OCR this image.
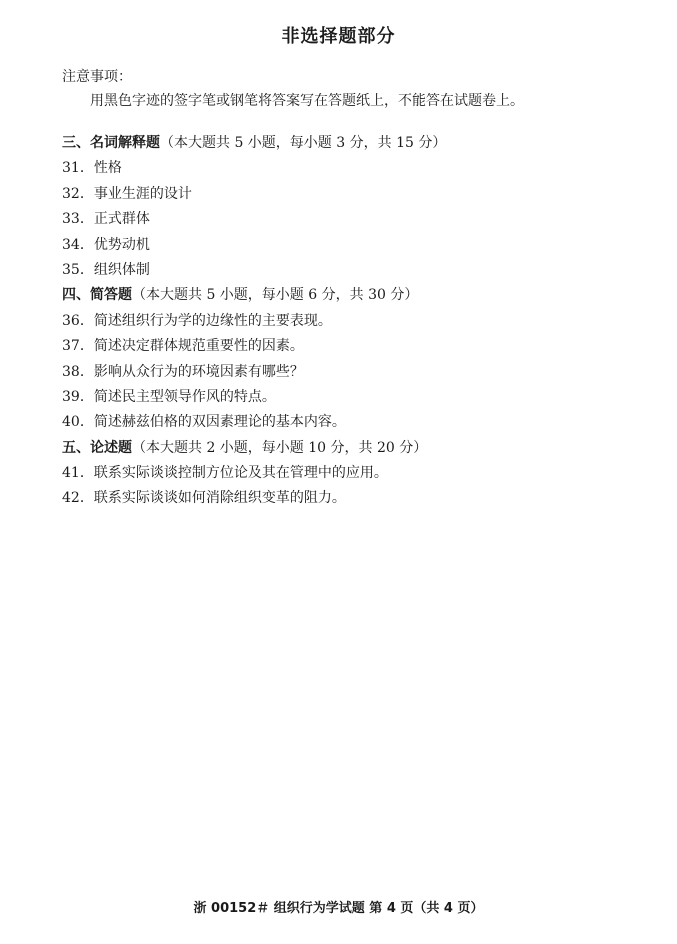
非选择题部分
注意事项：
用黑色字迹的签字笔或钢笔将答案写在答题纸上，不能答在试题卷上。
三、名词解释题（本大题共 5 小题，每小题 3 分，共 15 分）
31．性格
32．事业生涯的设计
33．正式群体
34．优势动机
35．组织体制
四、简答题（本大题共 5 小题，每小题 6 分，共 30 分）
36．简述组织行为学的边缘性的主要表现。
37．简述决定群体规范重要性的因素。
38．影响从众行为的环境因素有哪些？
39．简述民主型领导作风的特点。
40．简述赫兹伯格的双因素理论的基本内容。
五、论述题（本大题共 2 小题，每小题 10 分，共 20 分）
41．联系实际谈谈控制方位论及其在管理中的应用。
42．联系实际谈谈如何消除组织变革的阻力。
浙 00152＃ 组织行为学试题 第 4 页（共 4 页）
